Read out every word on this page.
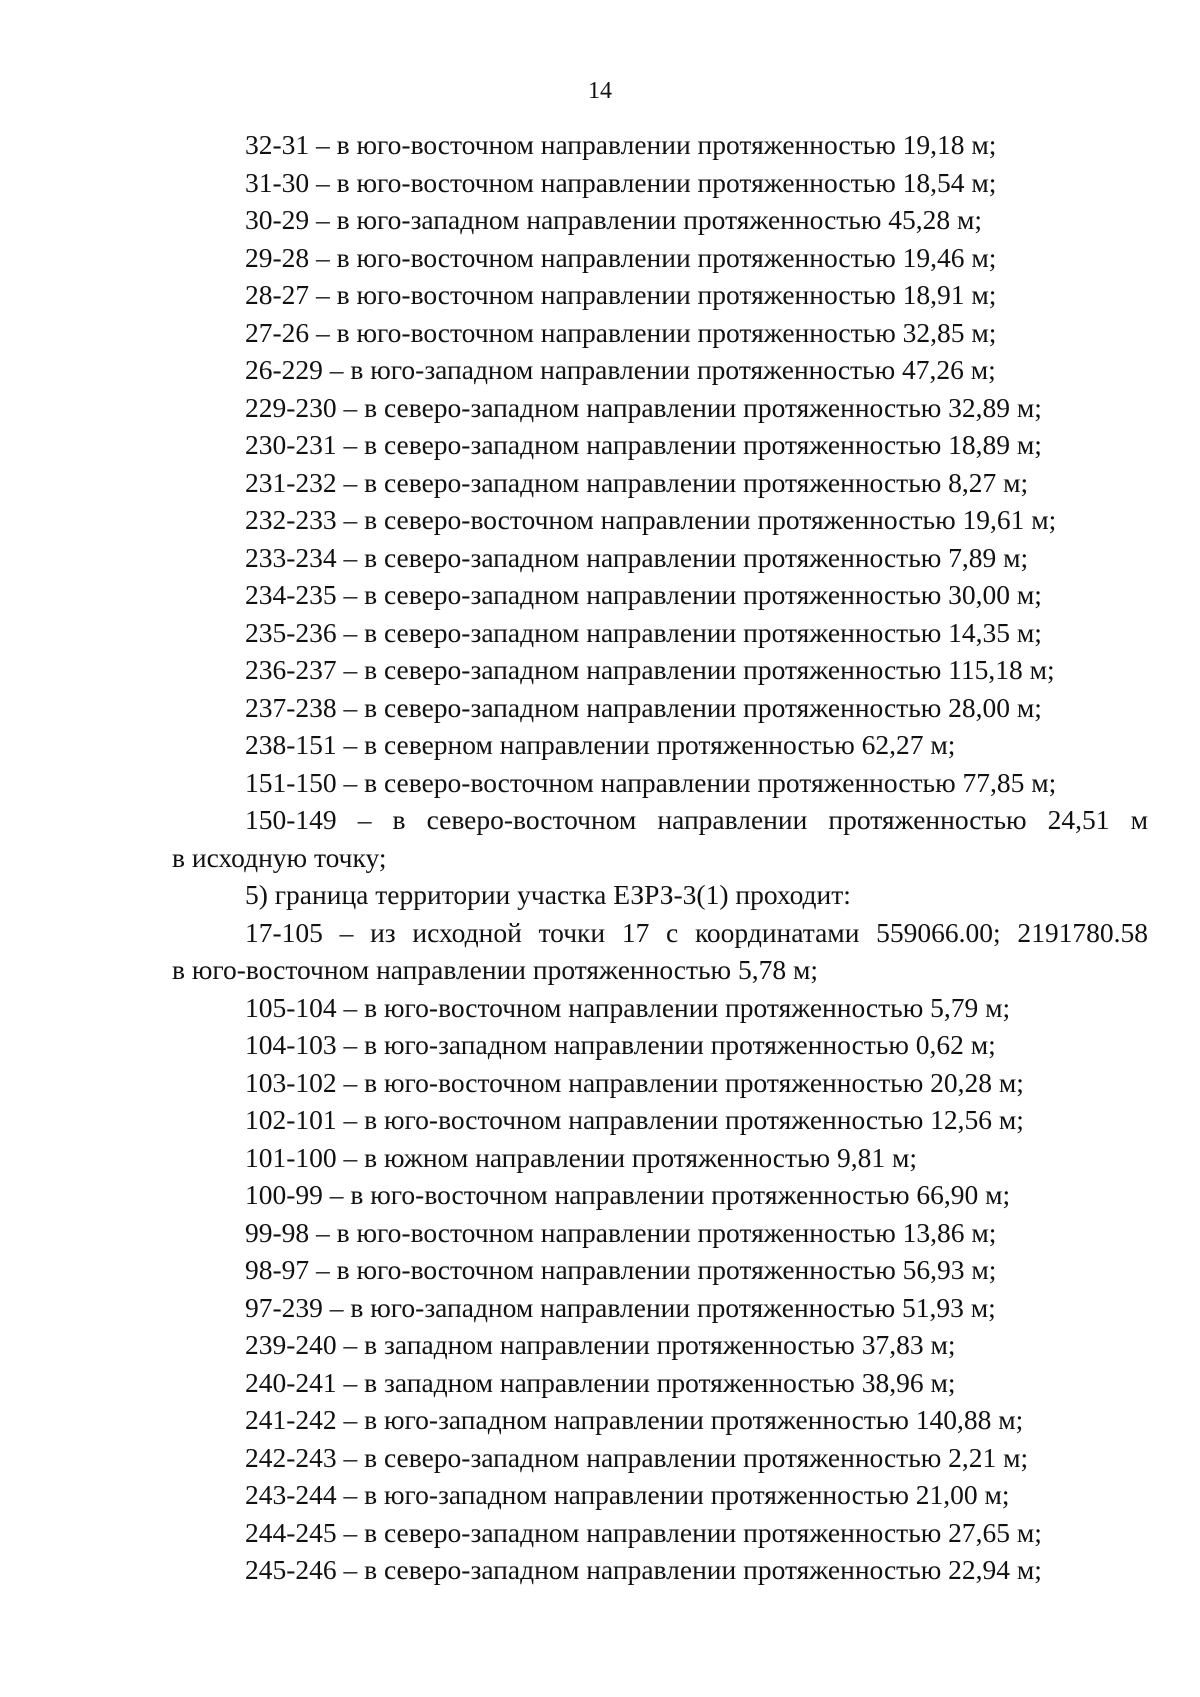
14
32-31 – в юго-восточном направлении протяженностью 19,18 м;
31-30 – в юго-восточном направлении протяженностью 18,54 м;
30-29 – в юго-западном направлении протяженностью 45,28 м;
29-28 – в юго-восточном направлении протяженностью 19,46 м;
28-27 – в юго-восточном направлении протяженностью 18,91 м;
27-26 – в юго-восточном направлении протяженностью 32,85 м;
26-229 – в юго-западном направлении протяженностью 47,26 м;
229-230 – в северо-западном направлении протяженностью 32,89 м;
230-231 – в северо-западном направлении протяженностью 18,89 м;
231-232 – в северо-западном направлении протяженностью 8,27 м;
232-233 – в северо-восточном направлении протяженностью 19,61 м;
233-234 – в северо-западном направлении протяженностью 7,89 м;
234-235 – в северо-западном направлении протяженностью 30,00 м;
235-236 – в северо-западном направлении протяженностью 14,35 м;
236-237 – в северо-западном направлении протяженностью 115,18 м;
237-238 – в северо-западном направлении протяженностью 28,00 м;
238-151 – в северном направлении протяженностью 62,27 м;
151-150 – в северо-восточном направлении протяженностью 77,85 м;
150-149 – в северо-восточном направлении протяженностью 24,51 м
в исходную точку;
5) граница территории участка ЕЗРЗ-3(1) проходит:
17-105 – из исходной точки 17 с координатами 559066.00; 2191780.58
в юго-восточном направлении протяженностью 5,78 м;
105-104 – в юго-восточном направлении протяженностью 5,79 м;
104-103 – в юго-западном направлении протяженностью 0,62 м;
103-102 – в юго-восточном направлении протяженностью 20,28 м;
102-101 – в юго-восточном направлении протяженностью 12,56 м;
101-100 – в южном направлении протяженностью 9,81 м;
100-99 – в юго-восточном направлении протяженностью 66,90 м;
99-98 – в юго-восточном направлении протяженностью 13,86 м;
98-97 – в юго-восточном направлении протяженностью 56,93 м;
97-239 – в юго-западном направлении протяженностью 51,93 м;
239-240 – в западном направлении протяженностью 37,83 м;
240-241 – в западном направлении протяженностью 38,96 м;
241-242 – в юго-западном направлении протяженностью 140,88 м;
242-243 – в северо-западном направлении протяженностью 2,21 м;
243-244 – в юго-западном направлении протяженностью 21,00 м;
244-245 – в северо-западном направлении протяженностью 27,65 м;
245-246 – в северо-западном направлении протяженностью 22,94 м;
